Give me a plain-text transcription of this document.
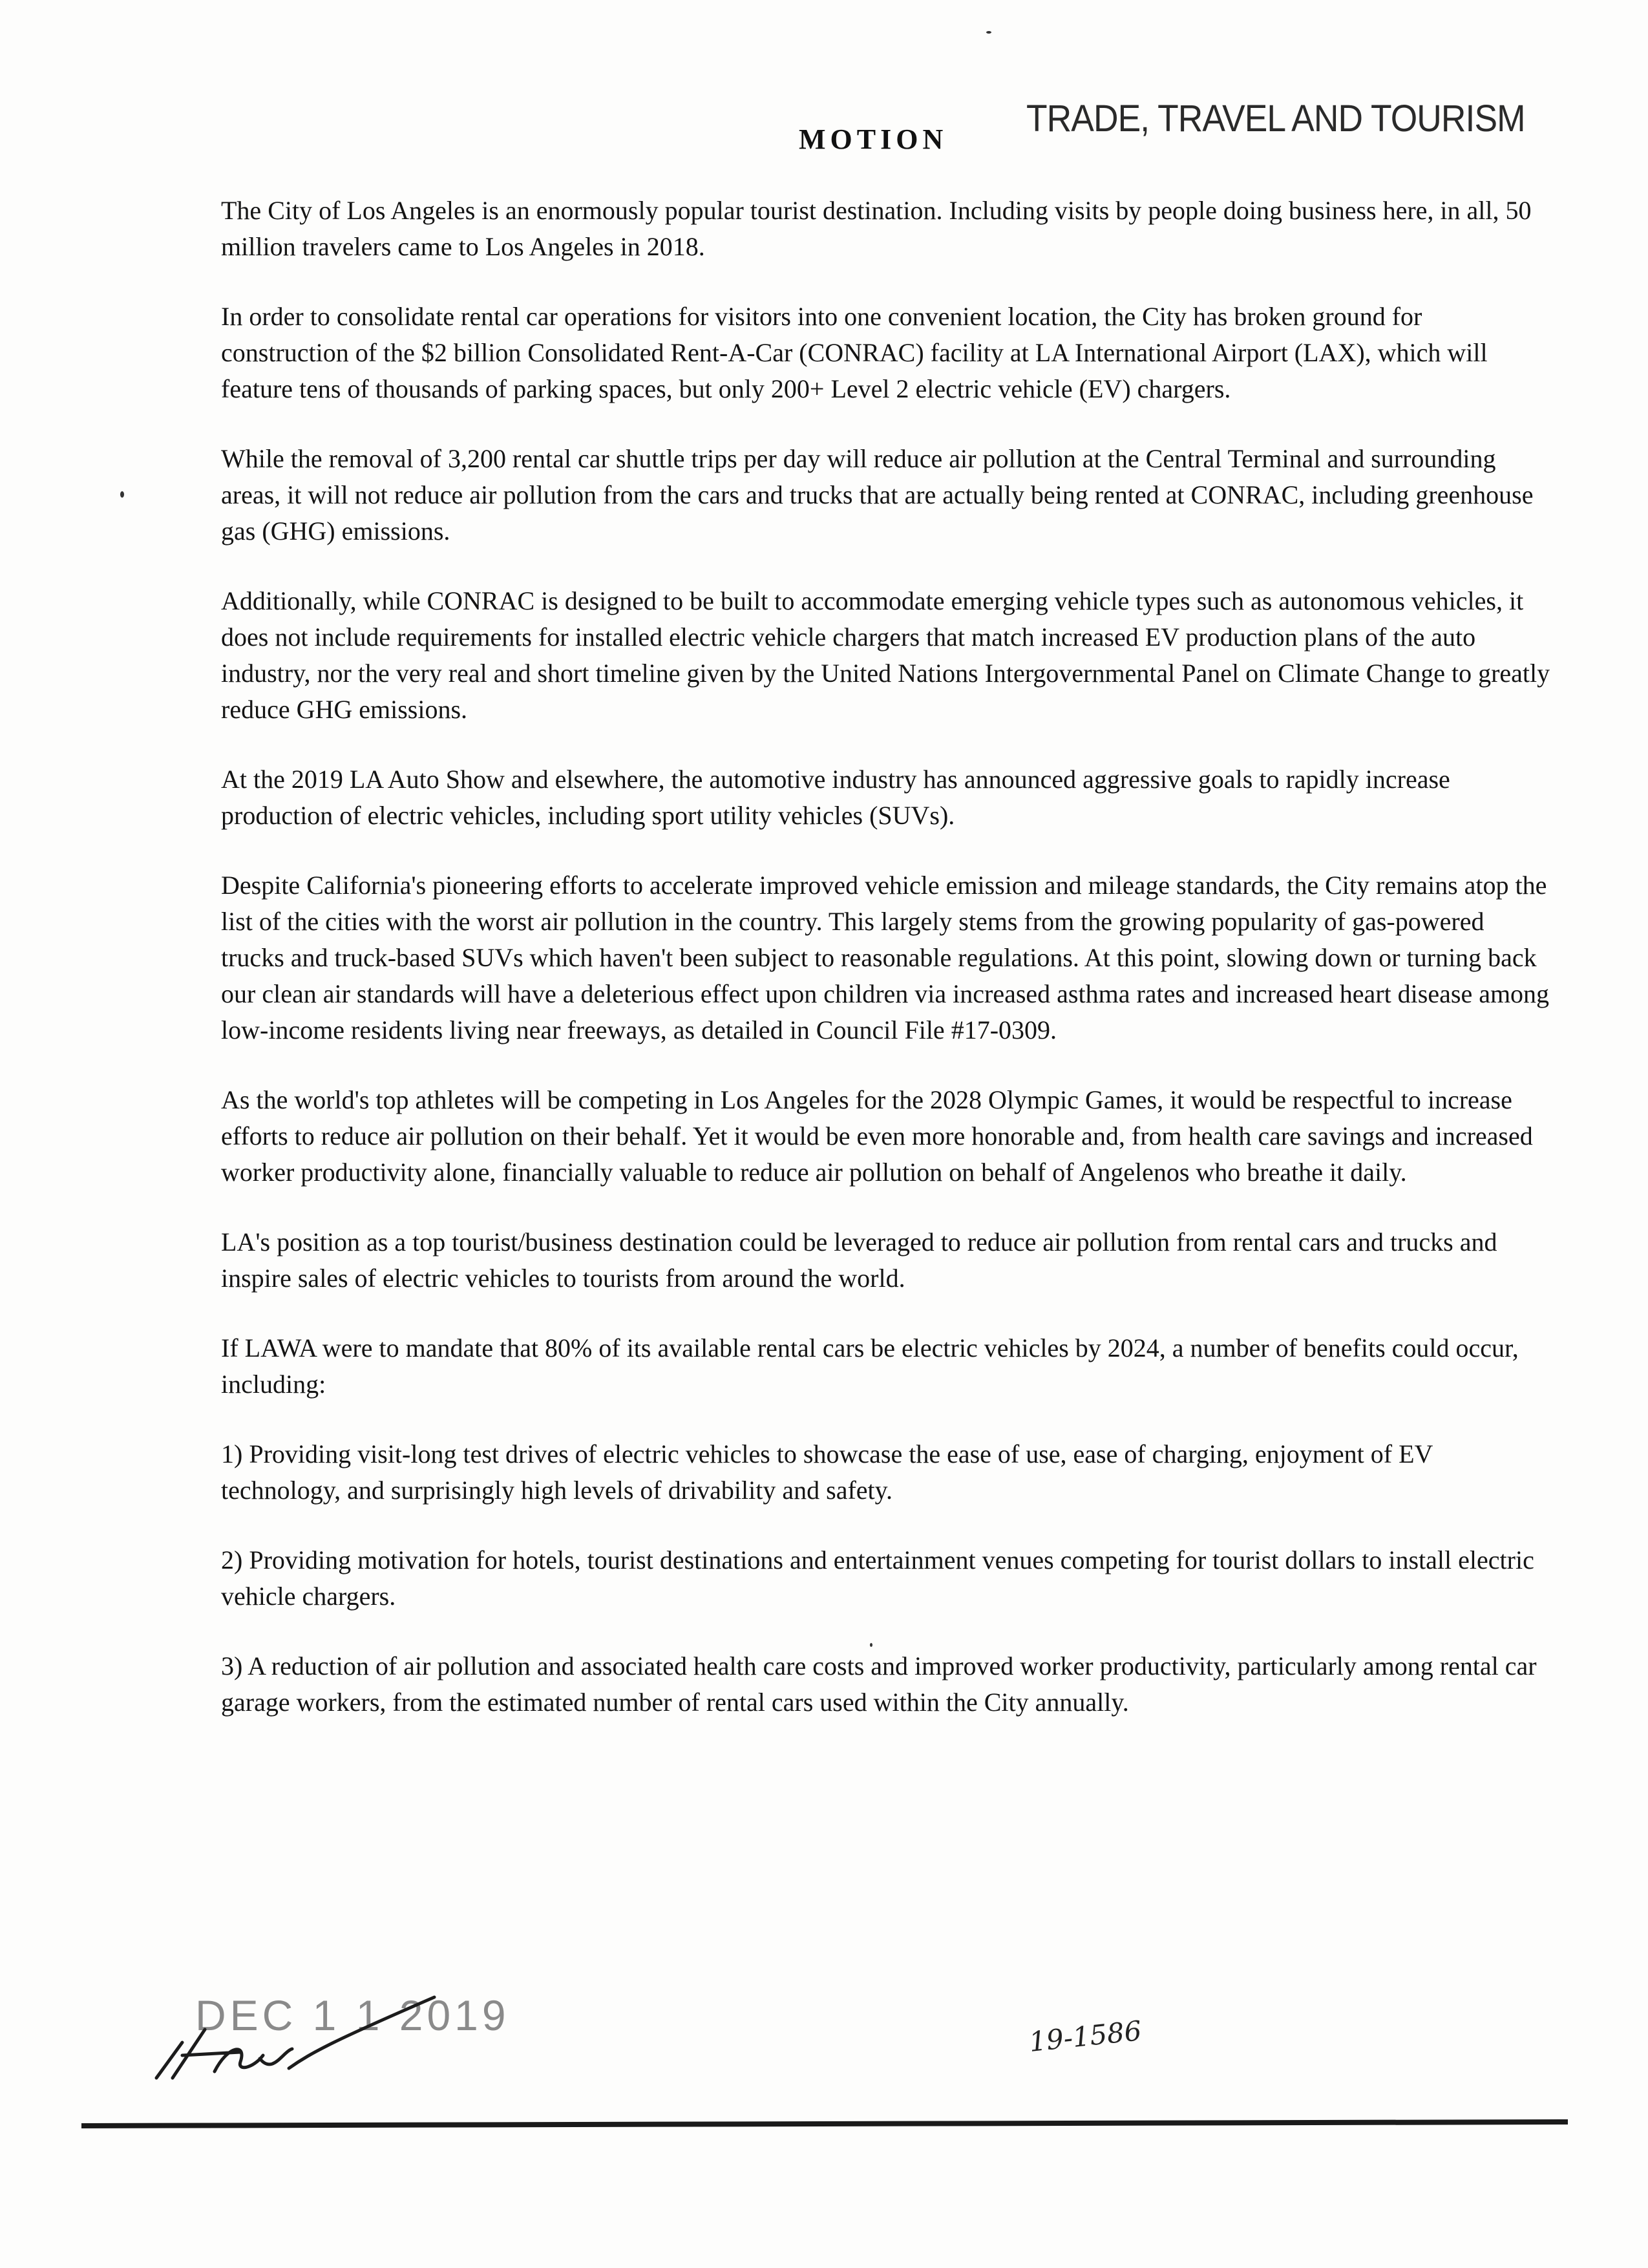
TRADE, TRAVEL AND TOURISM
MOTION

The City of Los Angeles is an enormously popular tourist destination. Including visits by people doing business here, in all, 50 million travelers came to Los Angeles in 2018.

In order to consolidate rental car operations for visitors into one convenient location, the City has broken ground for construction of the $2 billion Consolidated Rent-A-Car (CONRAC) facility at LA International Airport (LAX), which will feature tens of thousands of parking spaces, but only 200+ Level 2 electric vehicle (EV) chargers.

While the removal of 3,200 rental car shuttle trips per day will reduce air pollution at the Central Terminal and surrounding areas, it will not reduce air pollution from the cars and trucks that are actually being rented at CONRAC, including greenhouse gas (GHG) emissions.

Additionally, while CONRAC is designed to be built to accommodate emerging vehicle types such as autonomous vehicles, it does not include requirements for installed electric vehicle chargers that match increased EV production plans of the auto industry, nor the very real and short timeline given by the United Nations Intergovernmental Panel on Climate Change to greatly reduce GHG emissions.

At the 2019 LA Auto Show and elsewhere, the automotive industry has announced aggressive goals to rapidly increase production of electric vehicles, including sport utility vehicles (SUVs).

Despite California's pioneering efforts to accelerate improved vehicle emission and mileage standards, the City remains atop the list of the cities with the worst air pollution in the country. This largely stems from the growing popularity of gas-powered trucks and truck-based SUVs which haven't been subject to reasonable regulations. At this point, slowing down or turning back our clean air standards will have a deleterious effect upon children via increased asthma rates and increased heart disease among low-income residents living near freeways, as detailed in Council File #17-0309.

As the world's top athletes will be competing in Los Angeles for the 2028 Olympic Games, it would be respectful to increase efforts to reduce air pollution on their behalf. Yet it would be even more honorable and, from health care savings and increased worker productivity alone, financially valuable to reduce air pollution on behalf of Angelenos who breathe it daily.

LA's position as a top tourist/business destination could be leveraged to reduce air pollution from rental cars and trucks and inspire sales of electric vehicles to tourists from around the world.

If LAWA were to mandate that 80% of its available rental cars be electric vehicles by 2024, a number of benefits could occur, including:

1) Providing visit-long test drives of electric vehicles to showcase the ease of use, ease of charging, enjoyment of EV technology, and surprisingly high levels of drivability and safety.

2) Providing motivation for hotels, tourist destinations and entertainment venues competing for tourist dollars to install electric vehicle chargers.

3) A reduction of air pollution and associated health care costs and improved worker productivity, particularly among rental car garage workers, from the estimated number of rental cars used within the City annually.

DEC 1 1 2019	19-1586
